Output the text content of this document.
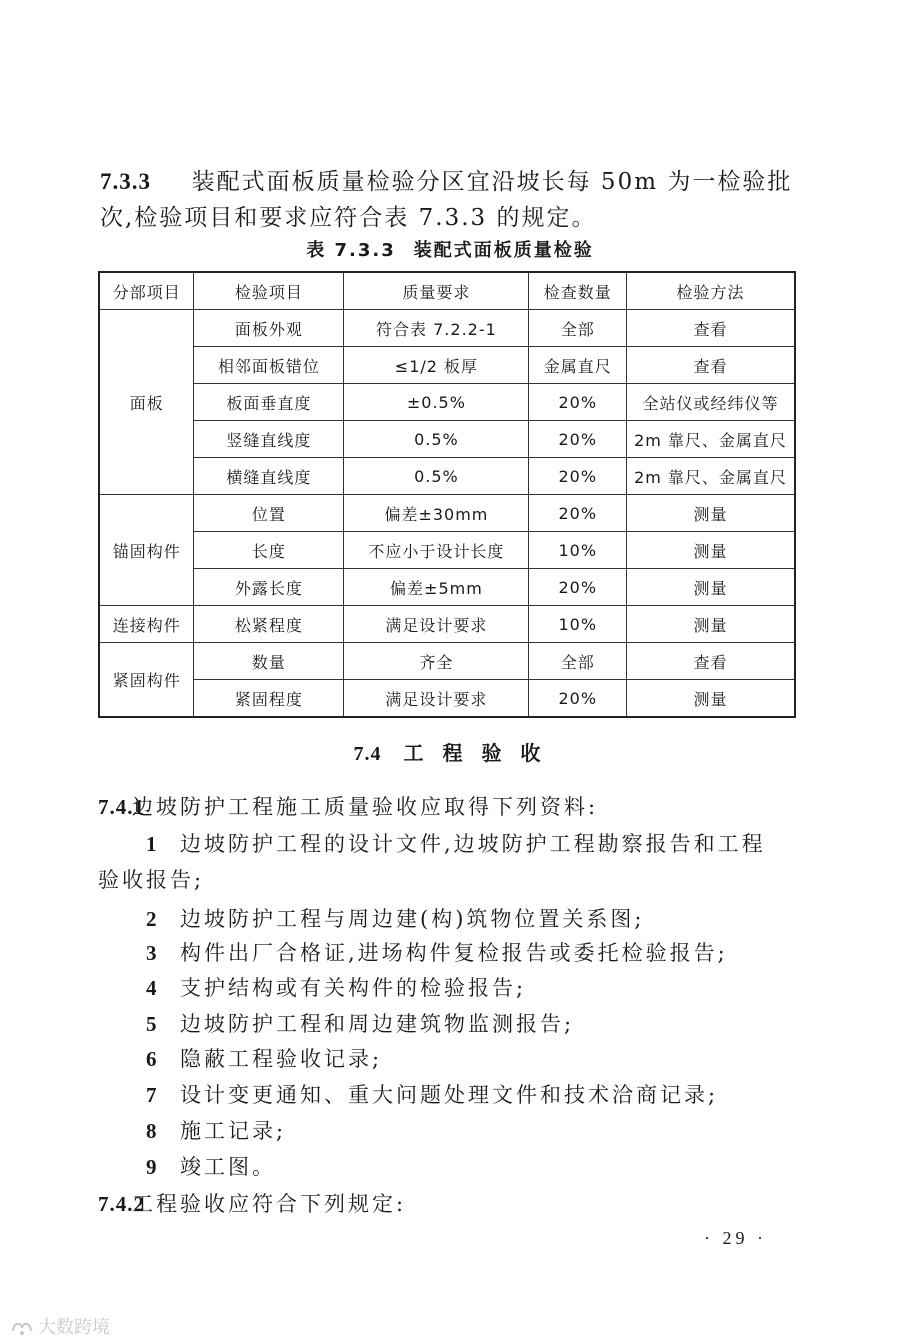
7.3.3 装配式面板质量检验分区宜沿坡长每 50m 为一检验批
次,检验项目和要求应符合表 7.3.3 的规定。
表 7.3.3 装配式面板质量检验
分部项目	检验项目	质量要求	检查数量	检验方法
面板	面板外观	符合表 7.2.2-1	全部	查看
	相邻面板错位	≤1/2 板厚	金属直尺	查看
	板面垂直度	±0.5%	20%	全站仪或经纬仪等
	竖缝直线度	0.5%	20%	2m 靠尺、金属直尺
	横缝直线度	0.5%	20%	2m 靠尺、金属直尺
锚固构件	位置	偏差±30mm	20%	测量
	长度	不应小于设计长度	10%	测量
	外露长度	偏差±5mm	20%	测量
连接构件	松紧程度	满足设计要求	10%	测量
紧固构件	数量	齐全	全部	查看
	紧固程度	满足设计要求	20%	测量
7.4 工 程 验 收
7.4.1边坡防护工程施工质量验收应取得下列资料:
1 边坡防护工程的设计文件,边坡防护工程勘察报告和工程
验收报告;
2 边坡防护工程与周边建(构)筑物位置关系图;
3 构件出厂合格证,进场构件复检报告或委托检验报告;
4 支护结构或有关构件的检验报告;
5 边坡防护工程和周边建筑物监测报告;
6 隐蔽工程验收记录;
7 设计变更通知、重大问题处理文件和技术洽商记录;
8 施工记录;
9 竣工图。
7.4.2工程验收应符合下列规定:
· 29 ·
大数跨境
